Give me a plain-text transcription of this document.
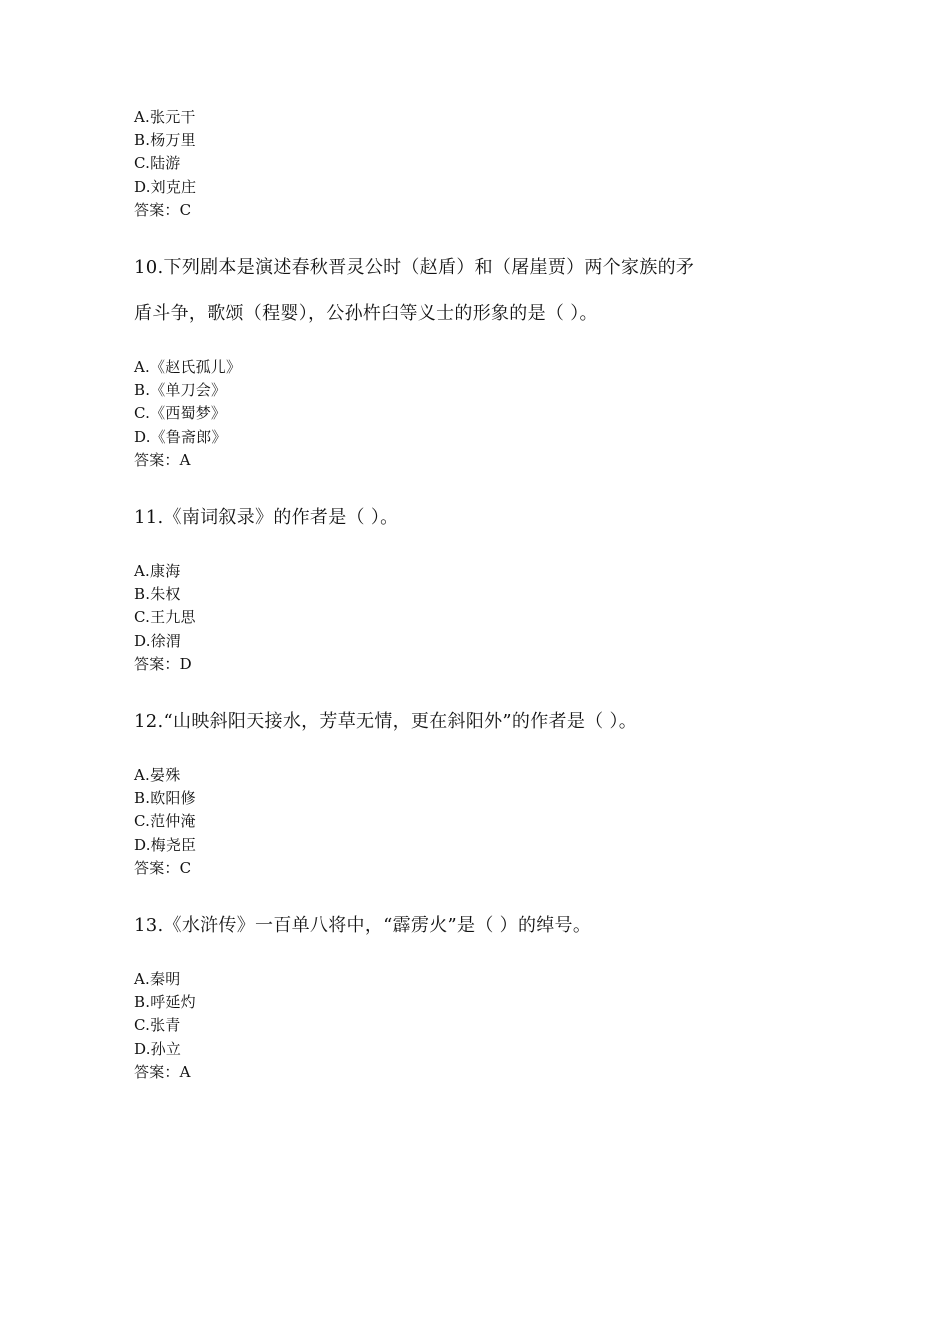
A.张元干
B.杨万里
C.陆游
D.刘克庄
答案：C
10.下列剧本是演述春秋晋灵公时（赵盾）和（屠崖贾）两个家族的矛
盾斗争，歌颂（程婴），公孙杵臼等义士的形象的是（ ）。
A.《赵氏孤儿》
B.《单刀会》
C.《西蜀梦》
D.《鲁斋郎》
答案：A
11.《南词叙录》的作者是（ ）。
A.康海
B.朱权
C.王九思
D.徐渭
答案：D
12.“山映斜阳天接水，芳草无情，更在斜阳外”的作者是（ ）。
A.晏殊
B.欧阳修
C.范仲淹
D.梅尧臣
答案：C
13.《水浒传》一百单八将中，“霹雳火”是（ ）的绰号。
A.秦明
B.呼延灼
C.张青
D.孙立
答案：A
